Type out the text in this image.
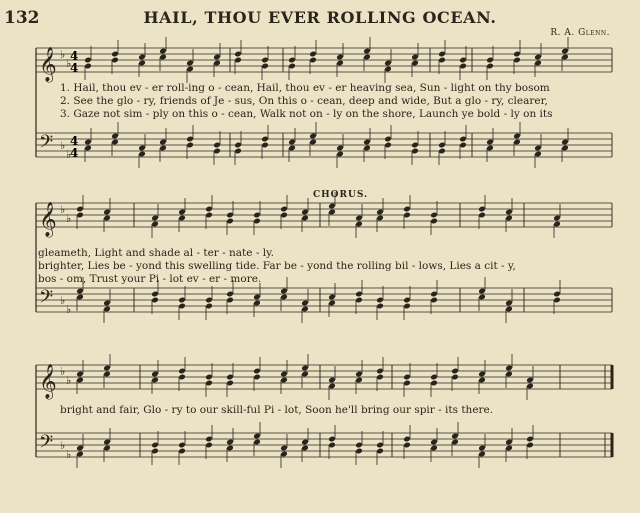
132	HAIL, THOU EVER ROLLING OCEAN.
R. A. Glenn.
CHORUS.
𝄞 ♭
♭
𝄢 ♭
♭
𝄞 ♭
♭
𝄢 ♭
♭
𝄞 ♭
♭
𝄢 ♭
♭
4
4
4
4
1. Hail, thou ev - er roll-ing o - cean, Hail, thou ev - er heaving sea, Sun - light on thy bosom
2. See the glo - ry, friends of Je - sus, On this o - cean, deep and wide, But a glo - ry, clearer,
3. Gaze not sim - ply on this o - cean, Walk not on - ly on the shore, Launch ye bold - ly on its
gleameth, Light and shade al - ter - nate - ly.
brighter, Lies be - yond this swelling tide. Far be - yond the rolling bil - lows, Lies a cit - y,
bos - om, Trust your Pi - lot ev - er - more.
bright and fair, Glo - ry to our skill-ful Pi - lot, Soon he'll bring our spir - its there.
